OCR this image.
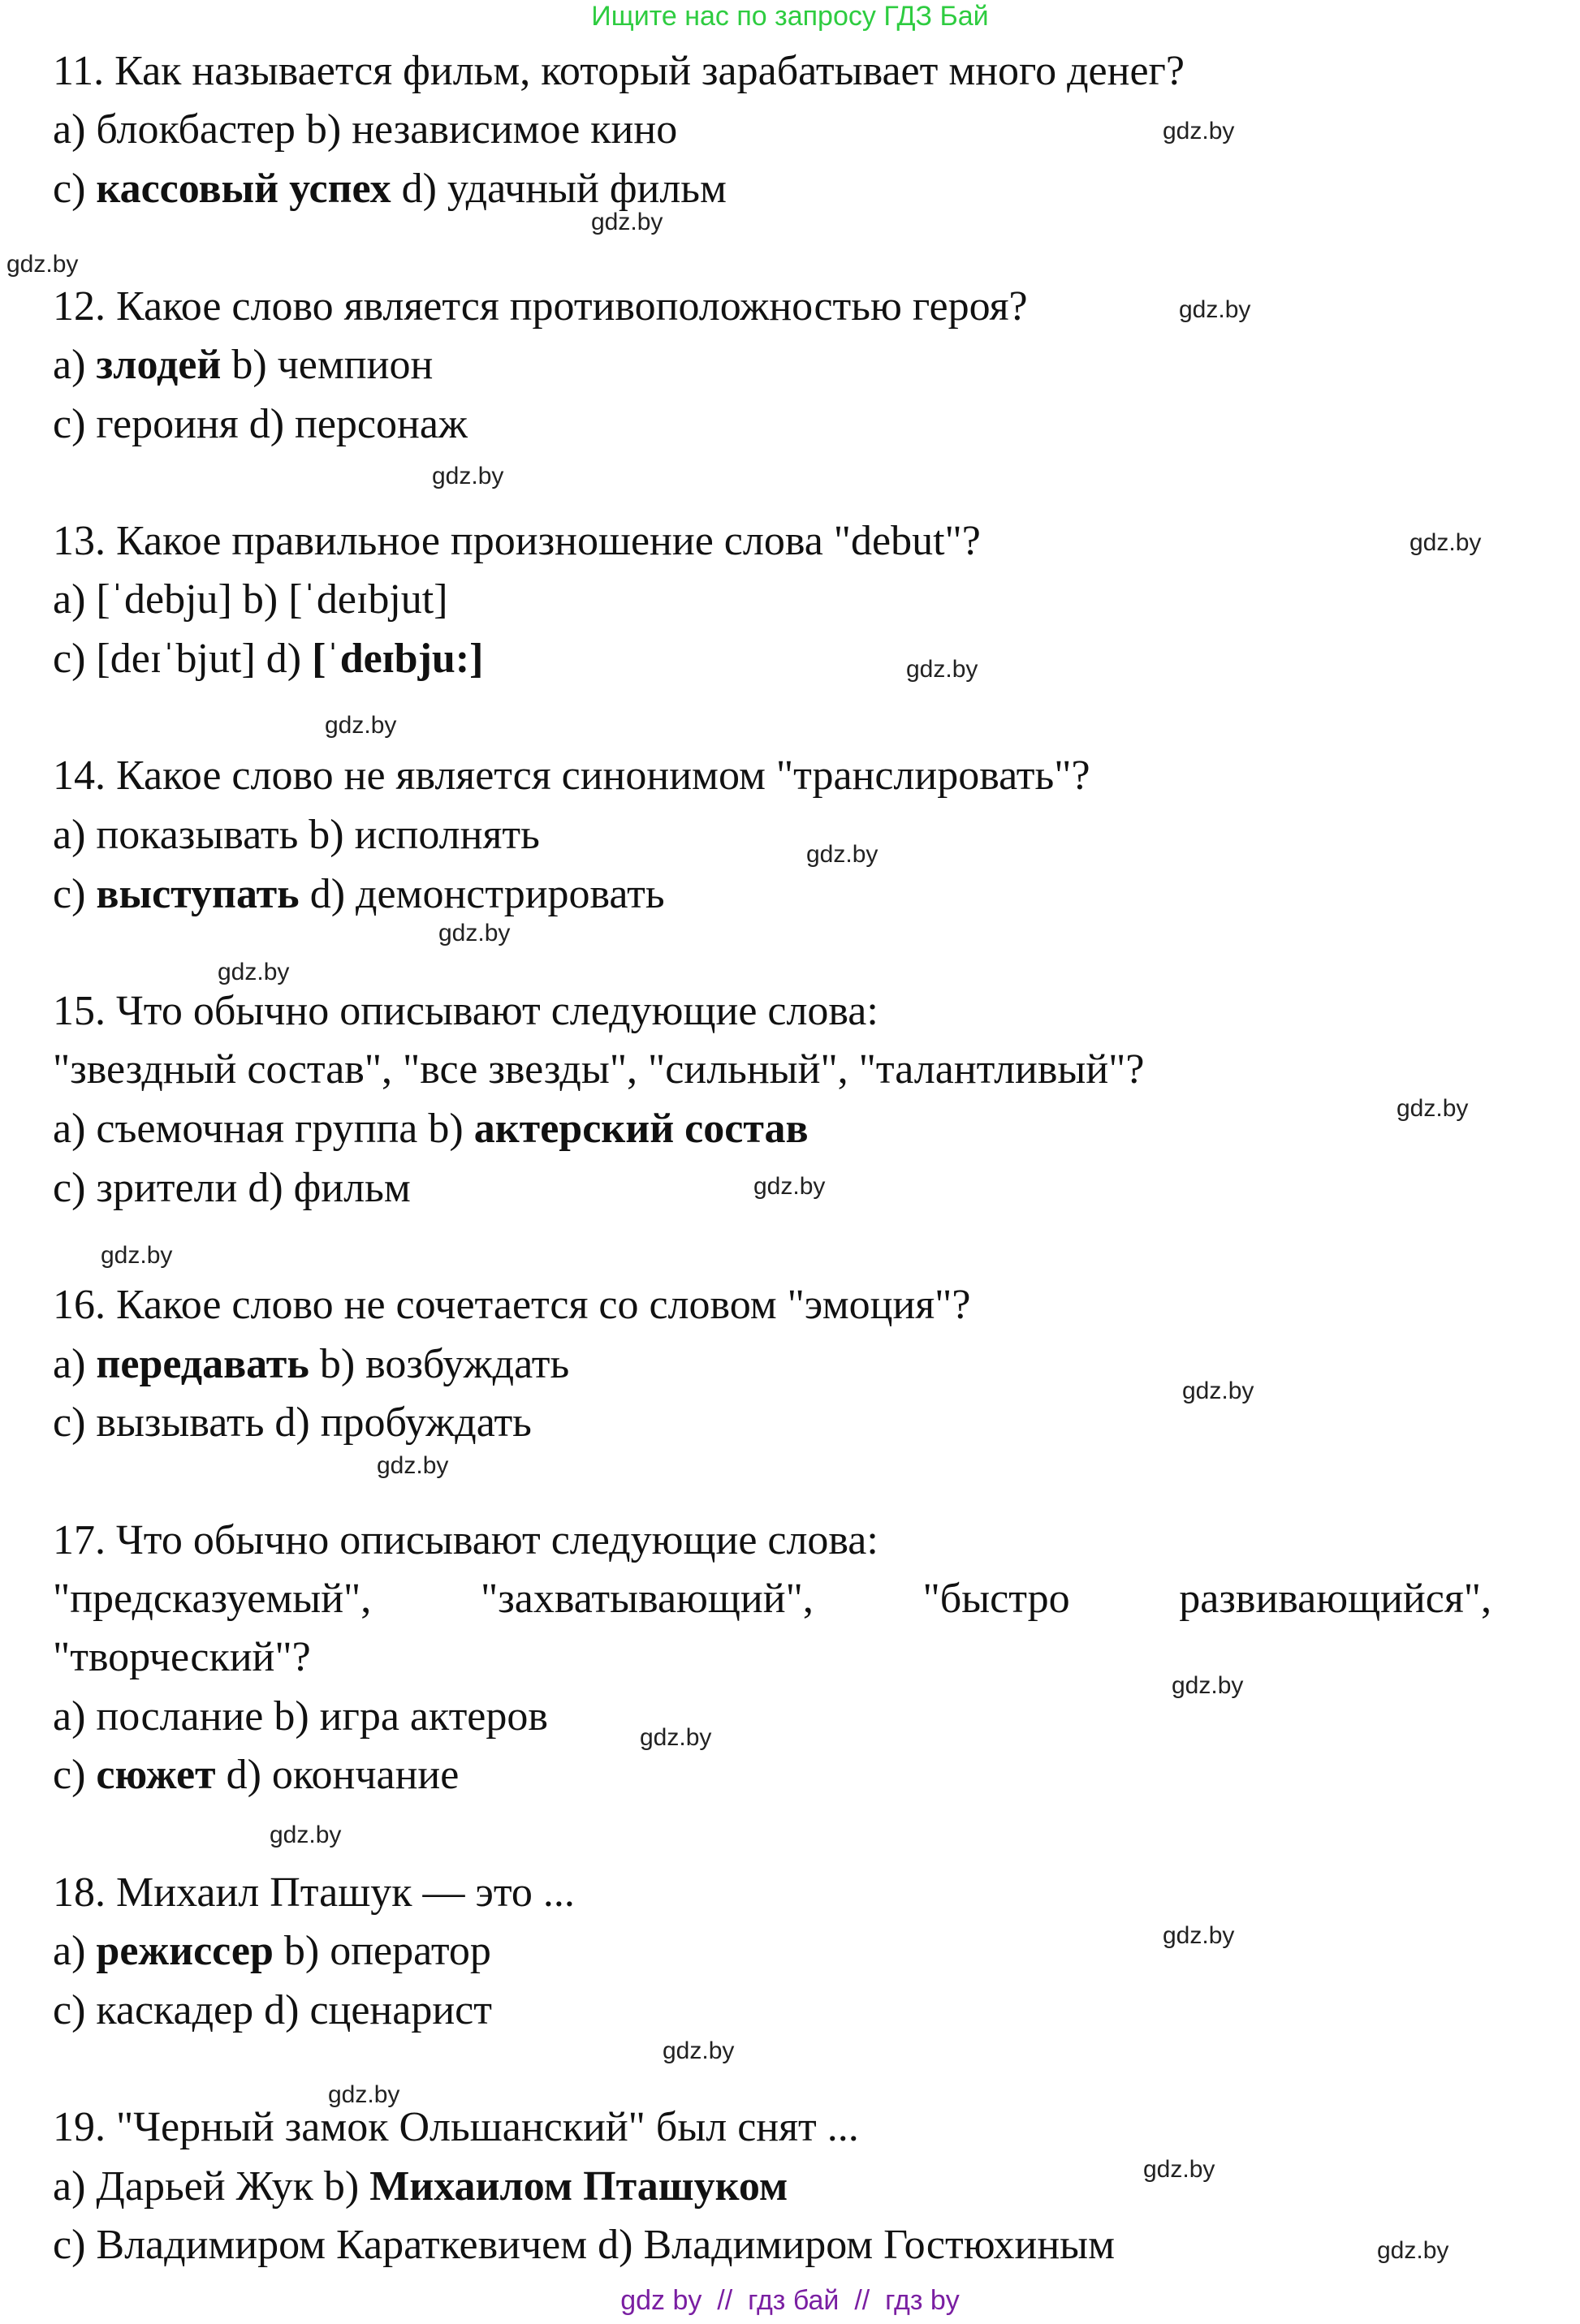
Ищите нас по запросу ГДЗ Бай
11. Как называется фильм, который зарабатывает много денег?
a) блокбастер b) независимое кино
c) кассовый успех d) удачный фильм
12. Какое слово является противоположностью героя?
a) злодей b) чемпион
c) героиня d) персонаж
13. Какое правильное произношение слова "debut"?
a) [ˈdebju] b) [ˈdeɪbjut]
c) [deɪˈbjut] d) [ˈdeɪbju:]
14. Какое слово не является синонимом "транслировать"?
a) показывать b) исполнять
c) выступать d) демонстрировать
15. Что обычно описывают следующие слова:
"звездный состав", "все звезды", "сильный", "талантливый"?
a) съемочная группа b) актерский состав
c) зрители d) фильм
16. Какое слово не сочетается со словом "эмоция"?
a) передавать b) возбуждать
c) вызывать d) пробуждать
17. Что обычно описывают следующие слова:
"предсказуемый",	"захватывающий",	"быстро	развивающийся",
"творческий"?
a) послание b) игра актеров
c) сюжет d) окончание
18. Михаил Пташук — это ...
a) режиссер b) оператор
c) каскадер d) сценарист
19. "Черный замок Ольшанский" был снят ...
a) Дарьей Жук b) Михаилом Пташуком
c) Владимиром Караткевичем d) Владимиром Гостюхиным
gdz.by
gdz.by
gdz.by
gdz.by
gdz.by
gdz.by
gdz.by
gdz.by
gdz.by
gdz.by
gdz.by
gdz.by
gdz.by
gdz.by
gdz.by
gdz.by
gdz.by
gdz.by
gdz.by
gdz.by
gdz.by
gdz.by
gdz.by
gdz.by
gdz by  //  гдз бай  //  гдз by
